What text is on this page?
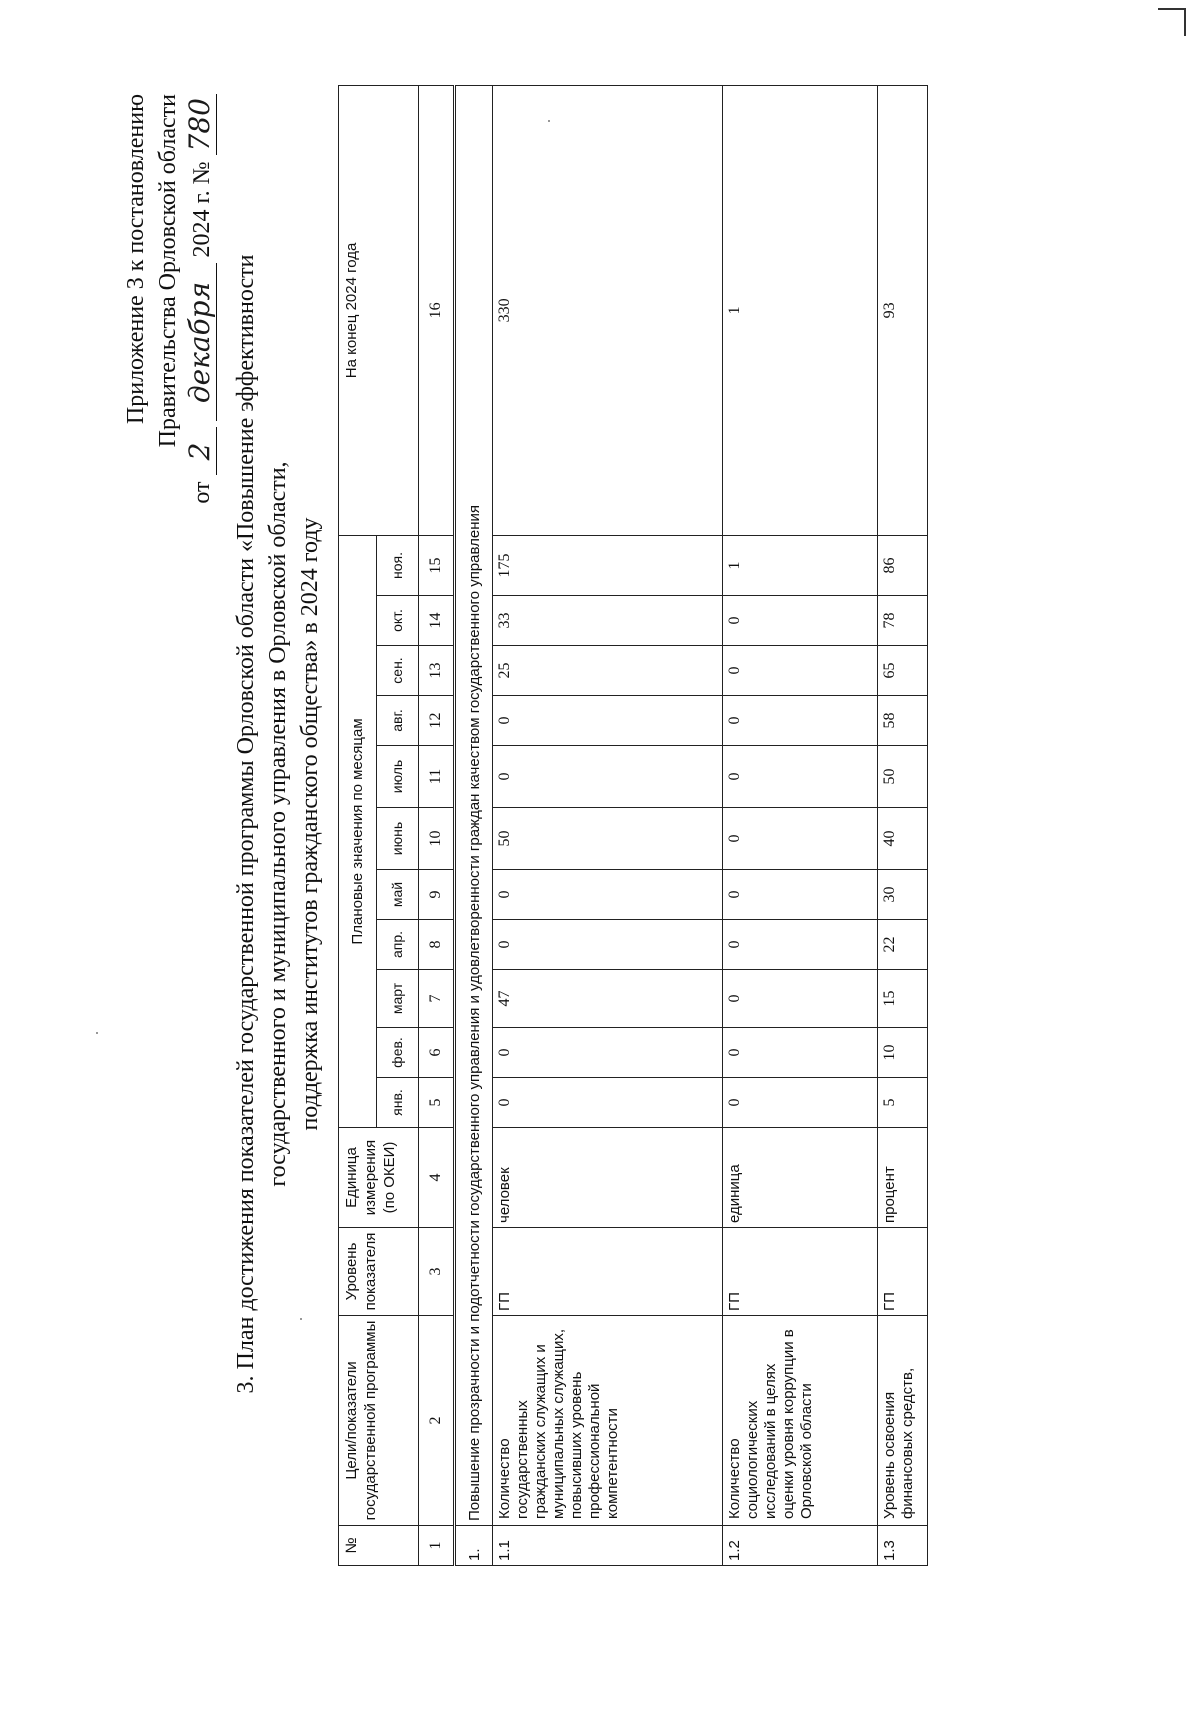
Приложение 3 к постановлению Правительства Орловской области
от 2 декабря 2024 г. № 780
3. План достижения показателей государственной программы Орловской области «Повышение эффективности государственного и муниципального управления в Орловской области, поддержка институтов гражданского общества» в 2024 году
№	Цели/показатели государственной программы	Уровень показателя	Единица измерения (по ОКЕИ)	Плановые значения по месяцам											На конец 2024 года
				янв.	фев.	март	апр.	май	июнь	июль	авг.	сен.	окт.	ноя.	
1	2	3	4	5	6	7	8	9	10	11	12	13	14	15	16
1.	Повышение прозрачности и подотчетности государственного управления и удовлетворенности граждан качеством государственного управления														
1.1	Количество государственных гражданских служащих и муниципальных служащих, повысивших уровень профессиональной компетентности	ГП	человек	0	0	47	0	0	50	0	0	25	33	175	330
1.2	Количество социологических исследований в целях оценки уровня коррупции в Орловской области	ГП	единица	0	0	0	0	0	0	0	0	0	0	1	1
1.3	Уровень освоения финансовых средств,	ГП	процент	5	10	15	22	30	40	50	58	65	78	86	93
